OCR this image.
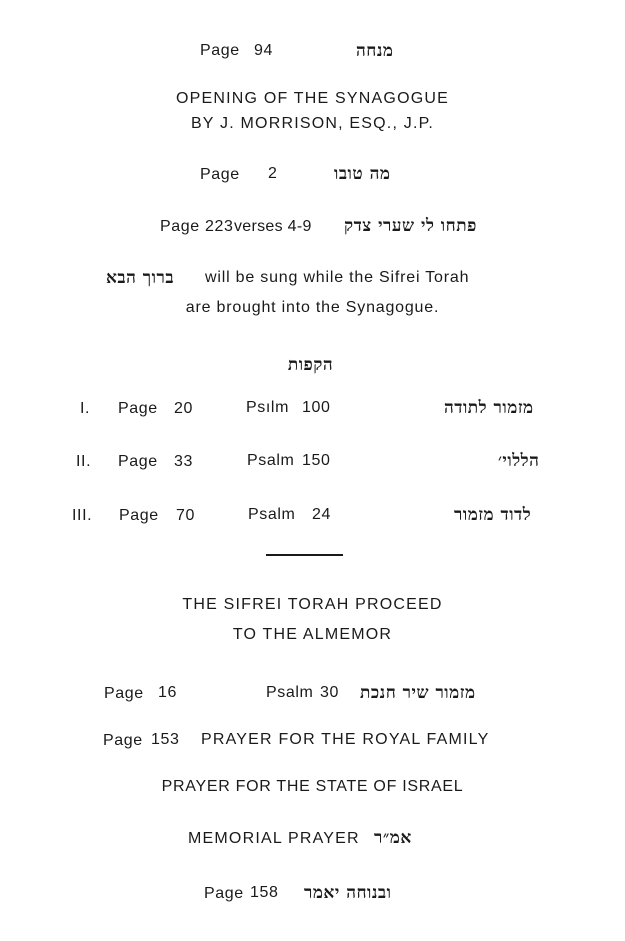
Page 94	מנחה
OPENING OF THE SYNAGOGUE
BY J. MORRISON, ESQ., J.P.
Page 2	מה טובו
Page 223 verses 4-9 פתחו לי שערי צדק
ברוך הבא will be sung while the Sifrei Torah
are brought into the Synagogue.
הקפות
I. Page 20	Psılm 100	מזמור לתודה
II. Page 33	Psalm 150	הללוי׳
III. Page 70	Psalm 24	לדוד מזמור
THE SIFREI TORAH PROCEED
TO THE ALMEMOR
Page 16	Psalm 30 מזמור שיר חנכת
Page 153 PRAYER FOR THE ROYAL FAMILY
PRAYER FOR THE STATE OF ISRAEL
MEMORIAL PRAYER אמ״ר
Page 158 ובנוחה יאמר
